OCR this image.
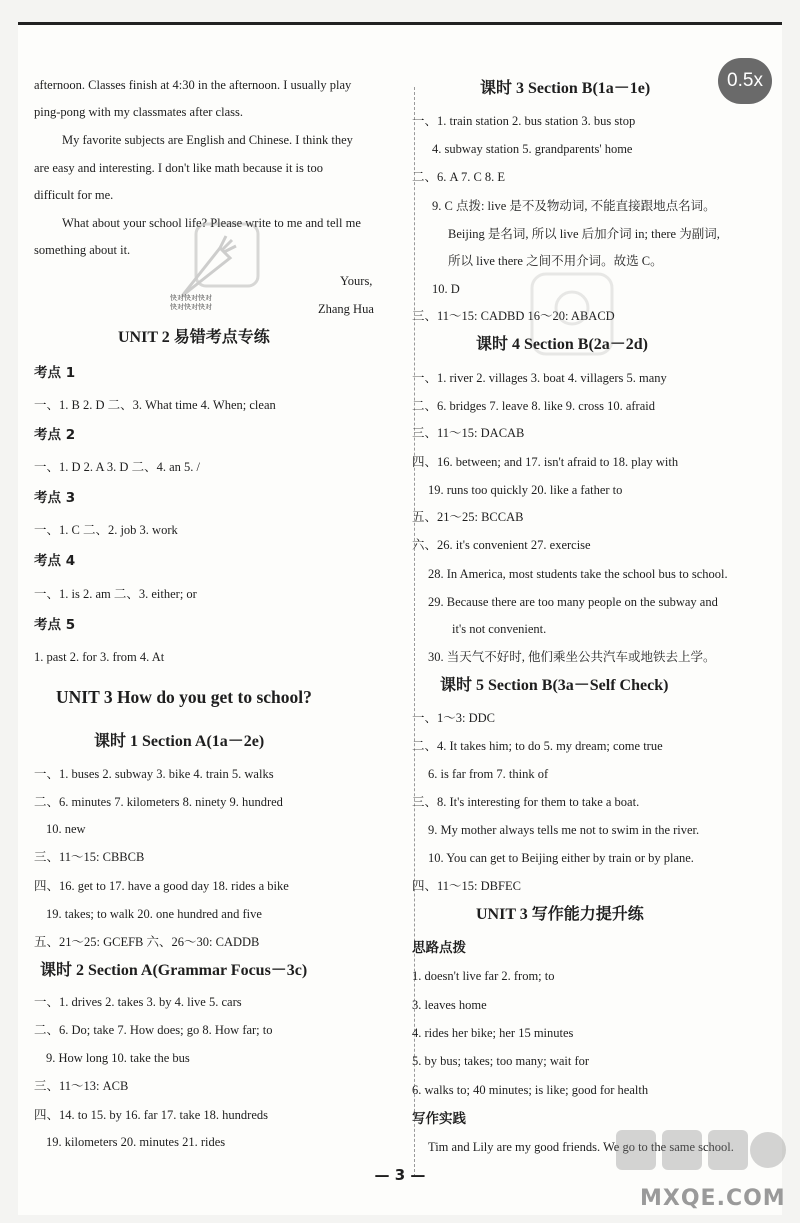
afternoon. Classes finish at 4:30 in the afternoon. I usually play
ping-pong with my classmates after class.
My favorite subjects are English and Chinese. I think they
are easy and interesting. I don't like math because it is too
difficult for me.
What about your school life? Please write to me and tell me
something about it.
Yours,
Zhang Hua
UNIT 2 易错考点专练
考点 1
一、1. B 2. D 二、3. What time 4. When; clean
考点 2
一、1. D 2. A 3. D 二、4. an 5. /
考点 3
一、1. C 二、2. job 3. work
考点 4
一、1. is 2. am 二、3. either; or
考点 5
1. past 2. for 3. from 4. At
UNIT 3 How do you get to school?
课时 1 Section A(1a－2e)
一、1. buses 2. subway 3. bike 4. train 5. walks
二、6. minutes 7. kilometers 8. ninety 9. hundred
10. new
三、11～15: CBBCB
四、16. get to 17. have a good day 18. rides a bike
19. takes; to walk 20. one hundred and five
五、21～25: GCEFB 六、26～30: CADDB
课时 2 Section A(Grammar Focus－3c)
一、1. drives 2. takes 3. by 4. live 5. cars
二、6. Do; take 7. How does; go 8. How far; to
9. How long 10. take the bus
三、11～13: ACB
四、14. to 15. by 16. far 17. take 18. hundreds
19. kilometers 20. minutes 21. rides
课时 3 Section B(1a－1e)
一、1. train station 2. bus station 3. bus stop
4. subway station 5. grandparents' home
二、6. A 7. C 8. E
9. C 点拨: live 是不及物动词, 不能直接跟地点名词。
Beijing 是名词, 所以 live 后加介词 in; there 为副词,
所以 live there 之间不用介词。故选 C。
10. D
三、11～15: CADBD 16～20: ABACD
课时 4 Section B(2a－2d)
一、1. river 2. villages 3. boat 4. villagers 5. many
二、6. bridges 7. leave 8. like 9. cross 10. afraid
三、11～15: DACAB
四、16. between; and 17. isn't afraid to 18. play with
19. runs too quickly 20. like a father to
五、21～25: BCCAB
六、26. it's convenient 27. exercise
28. In America, most students take the school bus to school.
29. Because there are too many people on the subway and
it's not convenient.
30. 当天气不好时, 他们乘坐公共汽车或地铁去上学。
课时 5 Section B(3a－Self Check)
一、1～3: DDC
二、4. It takes him; to do 5. my dream; come true
6. is far from 7. think of
三、8. It's interesting for them to take a boat.
9. My mother always tells me not to swim in the river.
10. You can get to Beijing either by train or by plane.
四、11～15: DBFEC
UNIT 3 写作能力提升练
思路点拨
1. doesn't live far 2. from; to
3. leaves home
4. rides her bike; her 15 minutes
5. by bus; takes; too many; wait for
6. walks to; 40 minutes; is like; good for health
写作实践
Tim and Lily are my good friends. We go to the same school.
快对快对快对
快对快对快对
0.5x
— 3 —
MXQE.COM
